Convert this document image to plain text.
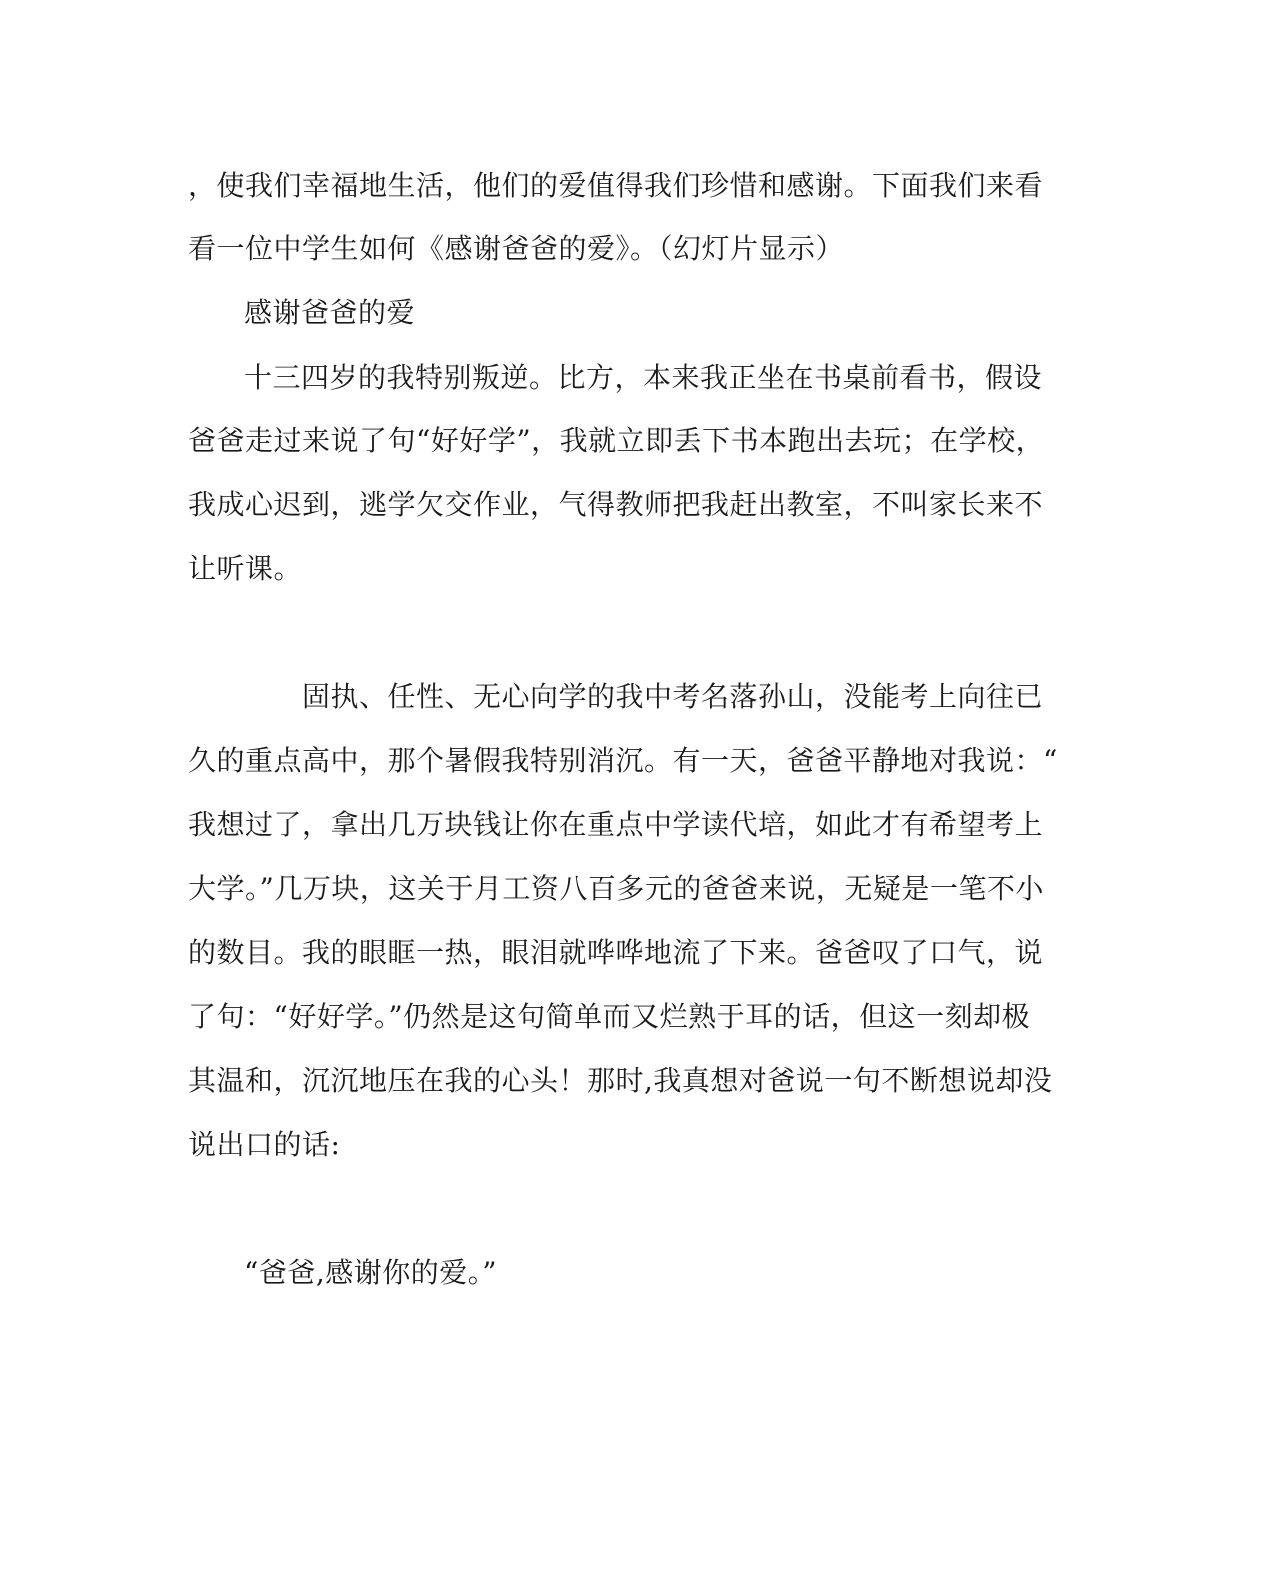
，使我们幸福地生活，他们的爱值得我们珍惜和感谢。下面我们来看
看一位中学生如何《感谢爸爸的爱》。（幻灯片显示）
感谢爸爸的爱
十三四岁的我特别叛逆。比方，本来我正坐在书桌前看书，假设
爸爸走过来说了句“好好学”，我就立即丢下书本跑出去玩；在学校，
我成心迟到，逃学欠交作业，气得教师把我赶出教室，不叫家长来不
让听课。
固执、任性、无心向学的我中考名落孙山，没能考上向往已
久的重点高中，那个暑假我特别消沉。有一天，爸爸平静地对我说：“
我想过了，拿出几万块钱让你在重点中学读代培，如此才有希望考上
大学。”几万块，这关于月工资八百多元的爸爸来说，无疑是一笔不小
的数目。我的眼眶一热，眼泪就哗哗地流了下来。爸爸叹了口气，说
了句：“好好学。”仍然是这句简单而又烂熟于耳的话，但这一刻却极
其温和，沉沉地压在我的心头！那时,我真想对爸说一句不断想说却没
说出口的话:
“爸爸,感谢你的爱。”
